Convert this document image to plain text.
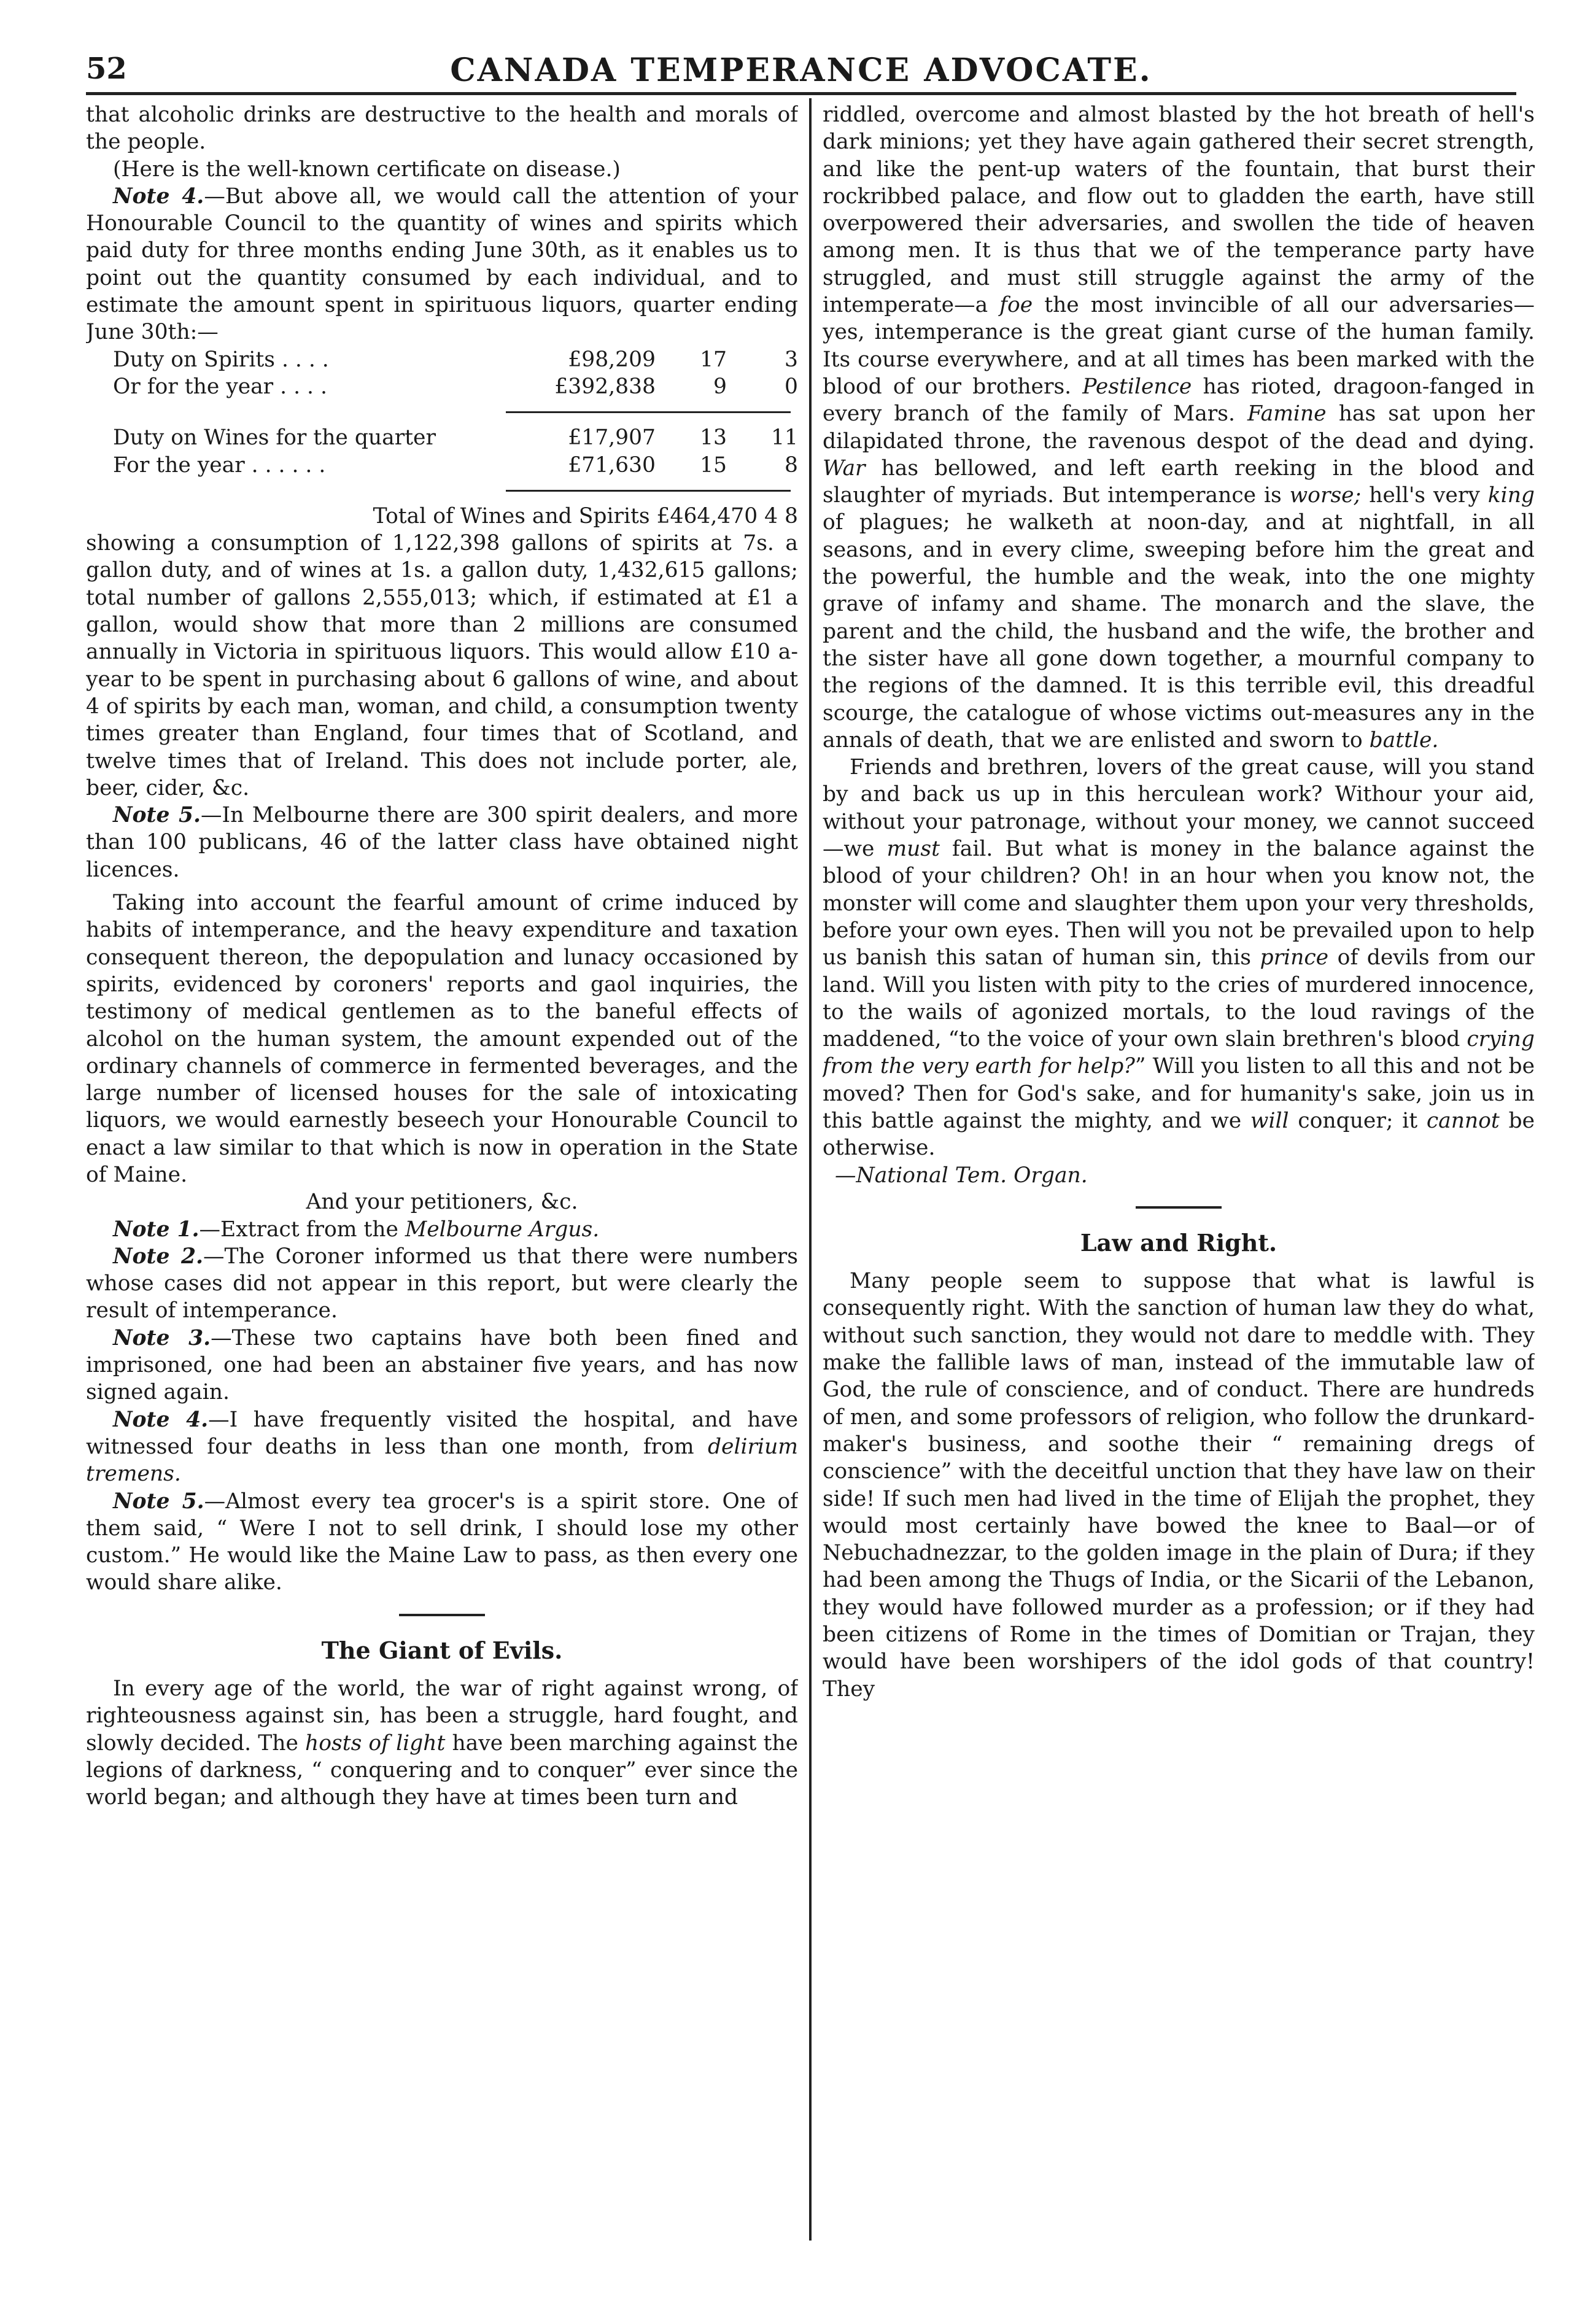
52	CANADA TEMPERANCE ADVOCATE.

that alcoholic drinks are destructive to the health and morals of the people.

(Here is the well-known certificate on disease.)

Note 4.—But above all, we would call the attention of your Honourable Council to the quantity of wines and spirits which paid duty for three months ending June 30th, as it enables us to point out the quantity consumed by each individual, and to estimate the amount spent in spirituous liquors, quarter ending June 30th:—

Duty on Spirits . . . .	£98,209	17	3
Or for the year . . . .	£392,838	9	0
Duty on Wines for the quarter	£17,907	13	11
For the year . . . . . .	£71,630	15	8

Total of Wines and Spirits £464,470 4 8

showing a consumption of 1,122,398 gallons of spirits at 7s. a gallon duty, and of wines at 1s. a gallon duty, 1,432,615 gallons; total number of gallons 2,555,013; which, if estimated at £1 a gallon, would show that more than 2 millions are consumed annually in Victoria in spirituous liquors. This would allow £10 a-year to be spent in purchasing about 6 gallons of wine, and about 4 of spirits by each man, woman, and child, a consumption twenty times greater than England, four times that of Scotland, and twelve times that of Ireland. This does not include porter, ale, beer, cider, &c.

Note 5.—In Melbourne there are 300 spirit dealers, and more than 100 publicans, 46 of the latter class have obtained night licences.

Taking into account the fearful amount of crime induced by habits of intemperance, and the heavy expenditure and taxation consequent thereon, the depopulation and lunacy occasioned by spirits, evidenced by coroners' reports and gaol inquiries, the testimony of medical gentlemen as to the baneful effects of alcohol on the human system, the amount expended out of the ordinary channels of commerce in fermented beverages, and the large number of licensed houses for the sale of intoxicating liquors, we would earnestly beseech your Honourable Council to enact a law similar to that which is now in operation in the State of Maine.

And your petitioners, &c.

Note 1.—Extract from the Melbourne Argus.

Note 2.—The Coroner informed us that there were numbers whose cases did not appear in this report, but were clearly the result of intemperance.

Note 3.—These two captains have both been fined and imprisoned, one had been an abstainer five years, and has now signed again.

Note 4.—I have frequently visited the hospital, and have witnessed four deaths in less than one month, from delirium tremens.

Note 5.—Almost every tea grocer's is a spirit store. One of them said, “ Were I not to sell drink, I should lose my other custom.” He would like the Maine Law to pass, as then every one would share alike.

The Giant of Evils.

In every age of the world, the war of right against wrong, of righteousness against sin, has been a struggle, hard fought, and slowly decided. The hosts of light have been marching against the legions of darkness, “ conquering and to conquer” ever since the world began; and although they have at times been turn and

riddled, overcome and almost blasted by the hot breath of hell's dark minions; yet they have again gathered their secret strength, and like the pent-up waters of the fountain, that burst their rockribbed palace, and flow out to gladden the earth, have still overpowered their adversaries, and swollen the tide of heaven among men. It is thus that we of the temperance party have struggled, and must still struggle against the army of the intemperate—a foe the most invincible of all our adversaries—yes, intemperance is the great giant curse of the human family. Its course everywhere, and at all times has been marked with the blood of our brothers. Pestilence has rioted, dragoon-fanged in every branch of the family of Mars. Famine has sat upon her dilapidated throne, the ravenous despot of the dead and dying. War has bellowed, and left earth reeking in the blood and slaughter of myriads. But intemperance is worse; hell's very king of plagues; he walketh at noon-day, and at nightfall, in all seasons, and in every clime, sweeping before him the great and the powerful, the humble and the weak, into the one mighty grave of infamy and shame. The monarch and the slave, the parent and the child, the husband and the wife, the brother and the sister have all gone down together, a mournful company to the regions of the damned. It is this terrible evil, this dreadful scourge, the catalogue of whose victims out-measures any in the annals of death, that we are enlisted and sworn to battle.

Friends and brethren, lovers of the great cause, will you stand by and back us up in this herculean work? Withour your aid, without your patronage, without your money, we cannot succeed—we must fail. But what is money in the balance against the blood of your children? Oh! in an hour when you know not, the monster will come and slaughter them upon your very thresholds, before your own eyes. Then will you not be prevailed upon to help us banish this satan of human sin, this prince of devils from our land. Will you listen with pity to the cries of murdered innocence, to the wails of agonized mortals, to the loud ravings of the maddened, “to the voice of your own slain brethren's blood crying from the very earth for help?” Will you listen to all this and not be moved? Then for God's sake, and for humanity's sake, join us in this battle against the mighty, and we will conquer; it cannot be otherwise.

—National Tem. Organ.

Law and Right.

Many people seem to suppose that what is lawful is consequently right. With the sanction of human law they do what, without such sanction, they would not dare to meddle with. They make the fallible laws of man, instead of the immutable law of God, the rule of conscience, and of conduct. There are hundreds of men, and some professors of religion, who follow the drunkard-maker's business, and soothe their “ remaining dregs of conscience” with the deceitful unction that they have law on their side! If such men had lived in the time of Elijah the prophet, they would most certainly have bowed the knee to Baal—or of Nebuchadnezzar, to the golden image in the plain of Dura; if they had been among the Thugs of India, or the Sicarii of the Lebanon, they would have followed murder as a profession; or if they had been citizens of Rome in the times of Domitian or Trajan, they would have been worshipers of the idol gods of that country! They
